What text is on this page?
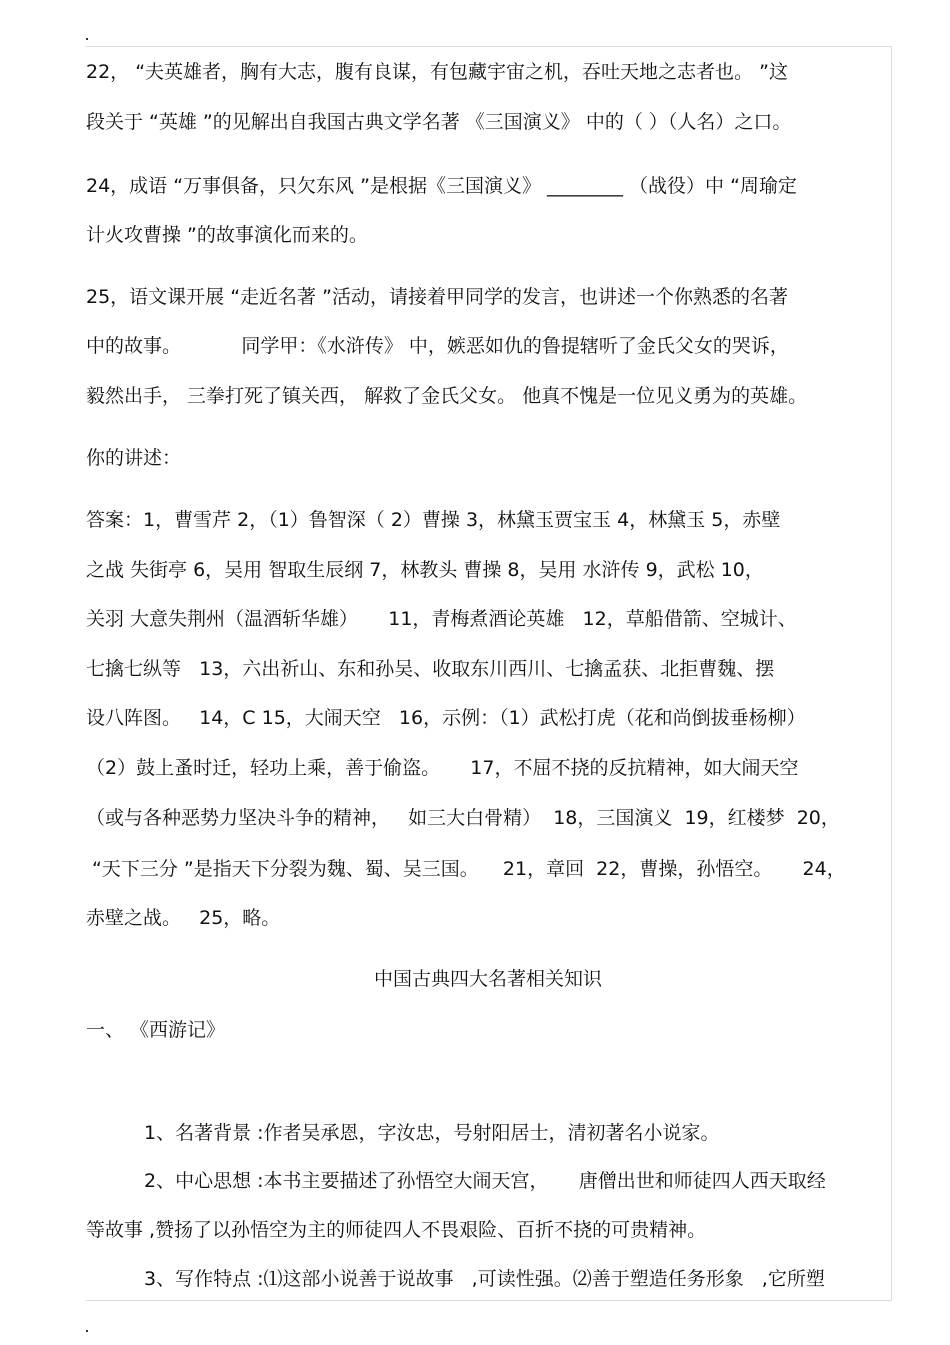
22， “夫英雄者，胸有大志，腹有良谋，有包藏宇宙之机，吞吐天地之志者也。 ”这
段关于 “英雄 ”的见解出自我国古典文学名著 《三国演义》 中的（ ）（人名）之口。
24，成语 “万事俱备，只欠东风 ”是根据《三国演义》 ________ （战役）中 “周瑜定
计火攻曹操 ”的故事演化而来的。
25，语文课开展 “走近名著 ”活动，请接着甲同学的发言，也讲述一个你熟悉的名著
中的故事。          同学甲：《水浒传》 中，嫉恶如仇的鲁提辖听了金氏父女的哭诉，
毅然出手， 三拳打死了镇关西， 解救了金氏父女。 他真不愧是一位见义勇为的英雄。
你的讲述：
答案：1，曹雪芹 2，（1）鲁智深（ 2）曹操 3，林黛玉贾宝玉 4，林黛玉 5，赤壁
之战 失街亭 6，吴用 智取生辰纲 7，林教头 曹操 8，吴用 水浒传 9，武松 10，
关羽 大意失荆州（温酒斩华雄）     11，青梅煮酒论英雄   12，草船借箭、空城计、
七擒七纵等   13，六出祈山、东和孙吴、收取东川西川、七擒孟获、北拒曹魏、摆
设八阵图。   14，C 15，大闹天空   16，示例：（1）武松打虎（花和尚倒拔垂杨柳）
（2）鼓上蚤时迁，轻功上乘，善于偷盗。     17，不屈不挠的反抗精神，如大闹天空
（或与各种恶势力坚决斗争的精神，   如三大白骨精）  18，三国演义  19，红楼梦  20，
“天下三分 ”是指天下分裂为魏、蜀、吴三国。    21，章回  22，曹操，孙悟空。     24，
赤壁之战。   25，略。
中国古典四大名著相关知识
一、 《西游记》
1、名著背景 :作者吴承恩，字汝忠，号射阳居士，清初著名小说家。
2、中心思想 :本书主要描述了孙悟空大闹天宫，     唐僧出世和师徒四人西天取经
等故事 ,赞扬了以孙悟空为主的师徒四人不畏艰险、百折不挠的可贵精神。
3、写作特点 :⑴这部小说善于说故事   ,可读性强。⑵善于塑造任务形象   ,它所塑
